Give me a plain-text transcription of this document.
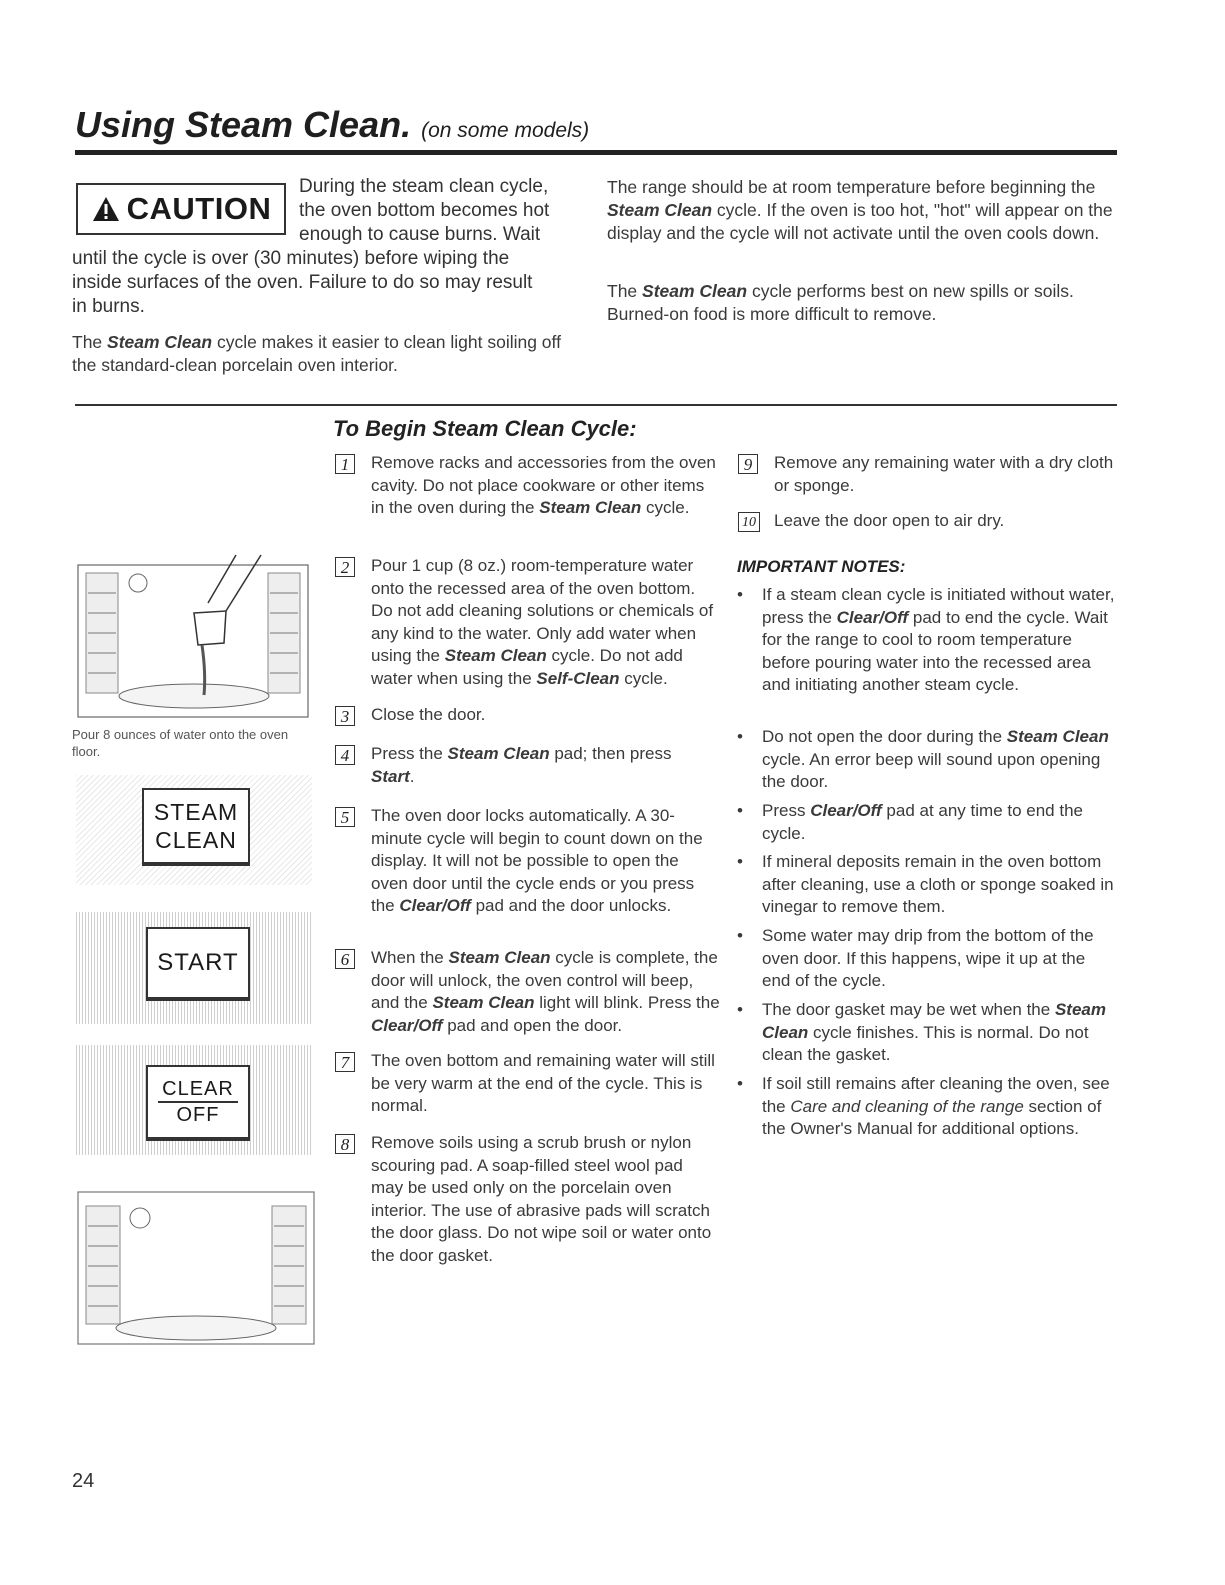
Using Steam Clean. (on some models)
CAUTION
During the steam clean cycle,
the oven bottom becomes hot
enough to cause burns. Wait
until the cycle is over (30 minutes) before wiping the
inside surfaces of the oven. Failure to do so may result
in burns.
The Steam Clean cycle makes it easier to clean light soiling off the standard-clean porcelain oven interior.
The range should be at room temperature before beginning the Steam Clean cycle. If the oven is too hot, "hot" will appear on the display and the cycle will not activate until the oven cools down.
The Steam Clean cycle performs best on new spills or soils. Burned-on food is more difficult to remove.
Pour 8 ounces of water onto the oven floor.
STEAM
CLEAN
START
CLEAR
OFF
To Begin Steam Clean Cycle:
1	Remove racks and accessories from the oven cavity. Do not place cookware or other items in the oven during the Steam Clean cycle.
2	Pour 1 cup (8 oz.) room-temperature water onto the recessed area of the oven bottom. Do not add cleaning solutions or chemicals of any kind to the water. Only add water when using the Steam Clean cycle. Do not add water when using the Self-Clean cycle.
3	Close the door.
4	Press the Steam Clean pad; then press Start.
5	The oven door locks automatically. A 30-minute cycle will begin to count down on the display. It will not be possible to open the oven door until the cycle ends or you press the Clear/Off pad and the door unlocks.
6	When the Steam Clean cycle is complete, the door will unlock, the oven control will beep, and the Steam Clean light will blink. Press the Clear/Off pad and open the door.
7	The oven bottom and remaining water will still be very warm at the end of the cycle. This is normal.
8	Remove soils using a scrub brush or nylon scouring pad. A soap-filled steel wool pad may be used only on the porcelain oven interior. The use of abrasive pads will scratch the door glass. Do not wipe soil or water onto the door gasket.
9	Remove any remaining water with a dry cloth or sponge.
10 Leave the door open to air dry.
IMPORTANT NOTES:
• If a steam clean cycle is initiated without water, press the Clear/Off pad to end the cycle. Wait for the range to cool to room temperature before pouring water into the recessed area and initiating another steam cycle.
• Do not open the door during the Steam Clean cycle. An error beep will sound upon opening the door.
• Press Clear/Off pad at any time to end the cycle.
• If mineral deposits remain in the oven bottom after cleaning, use a cloth or sponge soaked in vinegar to remove them.
• Some water may drip from the bottom of the oven door. If this happens, wipe it up at the end of the cycle.
• The door gasket may be wet when the Steam Clean cycle finishes. This is normal. Do not clean the gasket.
• If soil still remains after cleaning the oven, see the Care and cleaning of the range section of the Owner's Manual for additional options.
24
